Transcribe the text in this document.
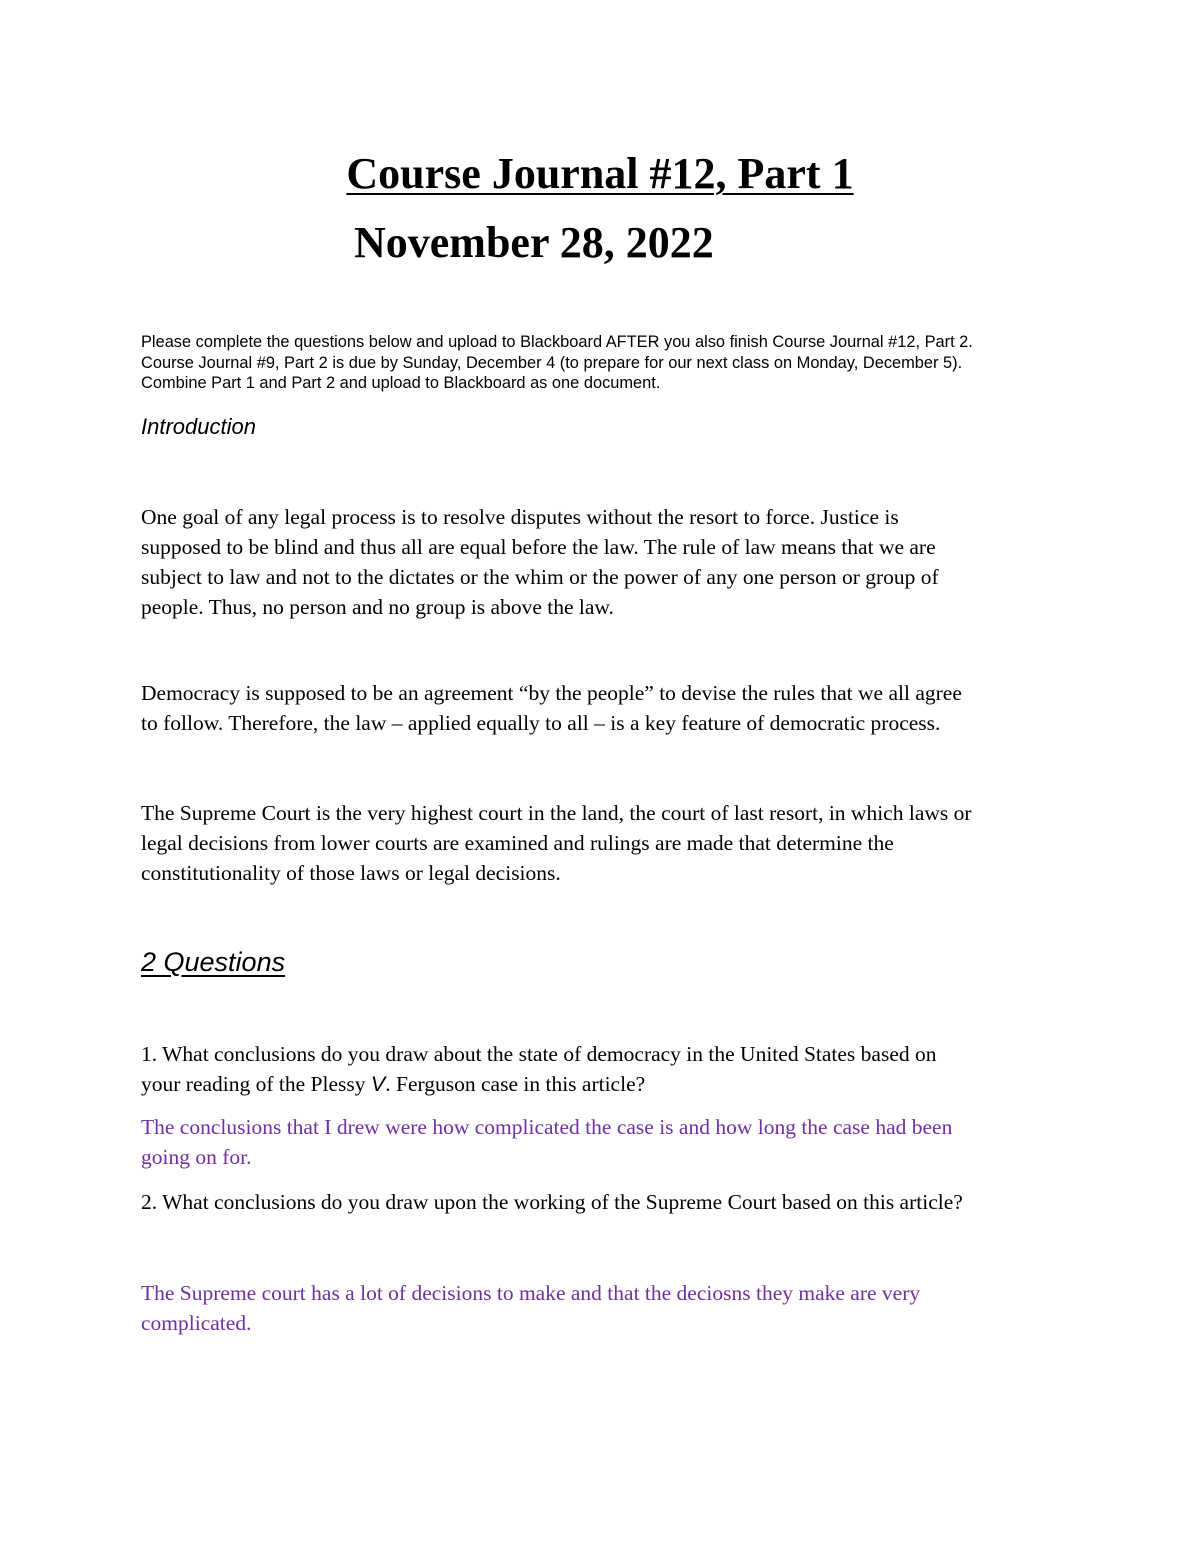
Course Journal #12, Part 1
November 28, 2022
Please complete the questions below and upload to Blackboard AFTER you also finish Course Journal #12, Part 2.
Course Journal #9, Part 2 is due by Sunday, December 4 (to prepare for our next class on Monday, December 5).
Combine Part 1 and Part 2 and upload to Blackboard as one document.
Introduction
One goal of any legal process is to resolve disputes without the resort to force. Justice is
supposed to be blind and thus all are equal before the law. The rule of law means that we are
subject to law and not to the dictates or the whim or the power of any one person or group of
people. Thus, no person and no group is above the law.
Democracy is supposed to be an agreement “by the people” to devise the rules that we all agree
to follow. Therefore, the law – applied equally to all – is a key feature of democratic process.
The Supreme Court is the very highest court in the land, the court of last resort, in which laws or
legal decisions from lower courts are examined and rulings are made that determine the
constitutionality of those laws or legal decisions.
2 Questions
1. What conclusions do you draw about the state of democracy in the United States based on
your reading of the Plessy V. Ferguson case in this article?
The conclusions that I drew were how complicated the case is and how long the case had been
going on for.
2. What conclusions do you draw upon the working of the Supreme Court based on this article?
The Supreme court has a lot of decisions to make and that the deciosns they make are very
complicated.
